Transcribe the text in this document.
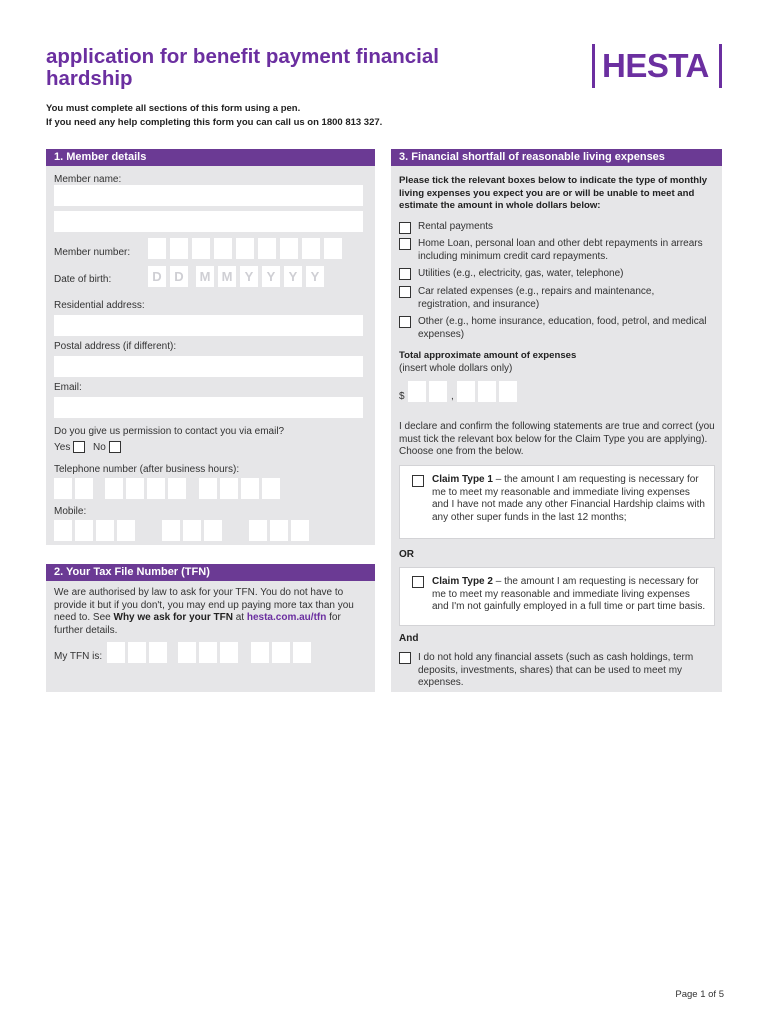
application for benefit payment financial hardship	HESTA
You must complete all sections of this form using a pen.
If you need any help completing this form you can call us on 1800 813 327.
1. Member details
Member name:
Member number:
Date of birth:	D D	M M Y	Y	Y	Y
Residential address:
Postal address (if different):
Email:
Do you give us permission to contact you via email?
Yes No
Telephone number (after business hours):
Mobile:
2. Your Tax File Number (TFN)
We are authorised by law to ask for your TFN. You do not have to provide it but if you don't, you may end up paying more tax than you need to. See Why we ask for your TFN at hesta.com.au/tfn for further details.
My TFN is:
3. Financial shortfall of reasonable living expenses
Please tick the relevant boxes below to indicate the type of monthly living expenses you expect you are or will be unable to meet and estimate the amount in whole dollars below:
Rental payments
Home Loan, personal loan and other debt repayments in arrears including minimum credit card repayments.
Utilities (e.g., electricity, gas, water, telephone)
Car related expenses (e.g., repairs and maintenance, registration, and insurance)
Other (e.g., home insurance, education, food, petrol, and medical expenses)
Total approximate amount of expenses
(insert whole dollars only)
$	,
I declare and confirm the following statements are true and correct (you must tick the relevant box below for the Claim Type you are applying). Choose one from the below.
Claim Type 1 – the amount I am requesting is necessary for me to meet my reasonable and immediate living expenses and I have not made any other Financial Hardship claims with any other super funds in the last 12 months;
OR
Claim Type 2 – the amount I am requesting is necessary for me to meet my reasonable and immediate living expenses and I'm not gainfully employed in a full time or part time basis.
And
I do not hold any financial assets (such as cash holdings, term deposits, investments, shares) that can be used to meet my expenses.
Page 1 of 5
